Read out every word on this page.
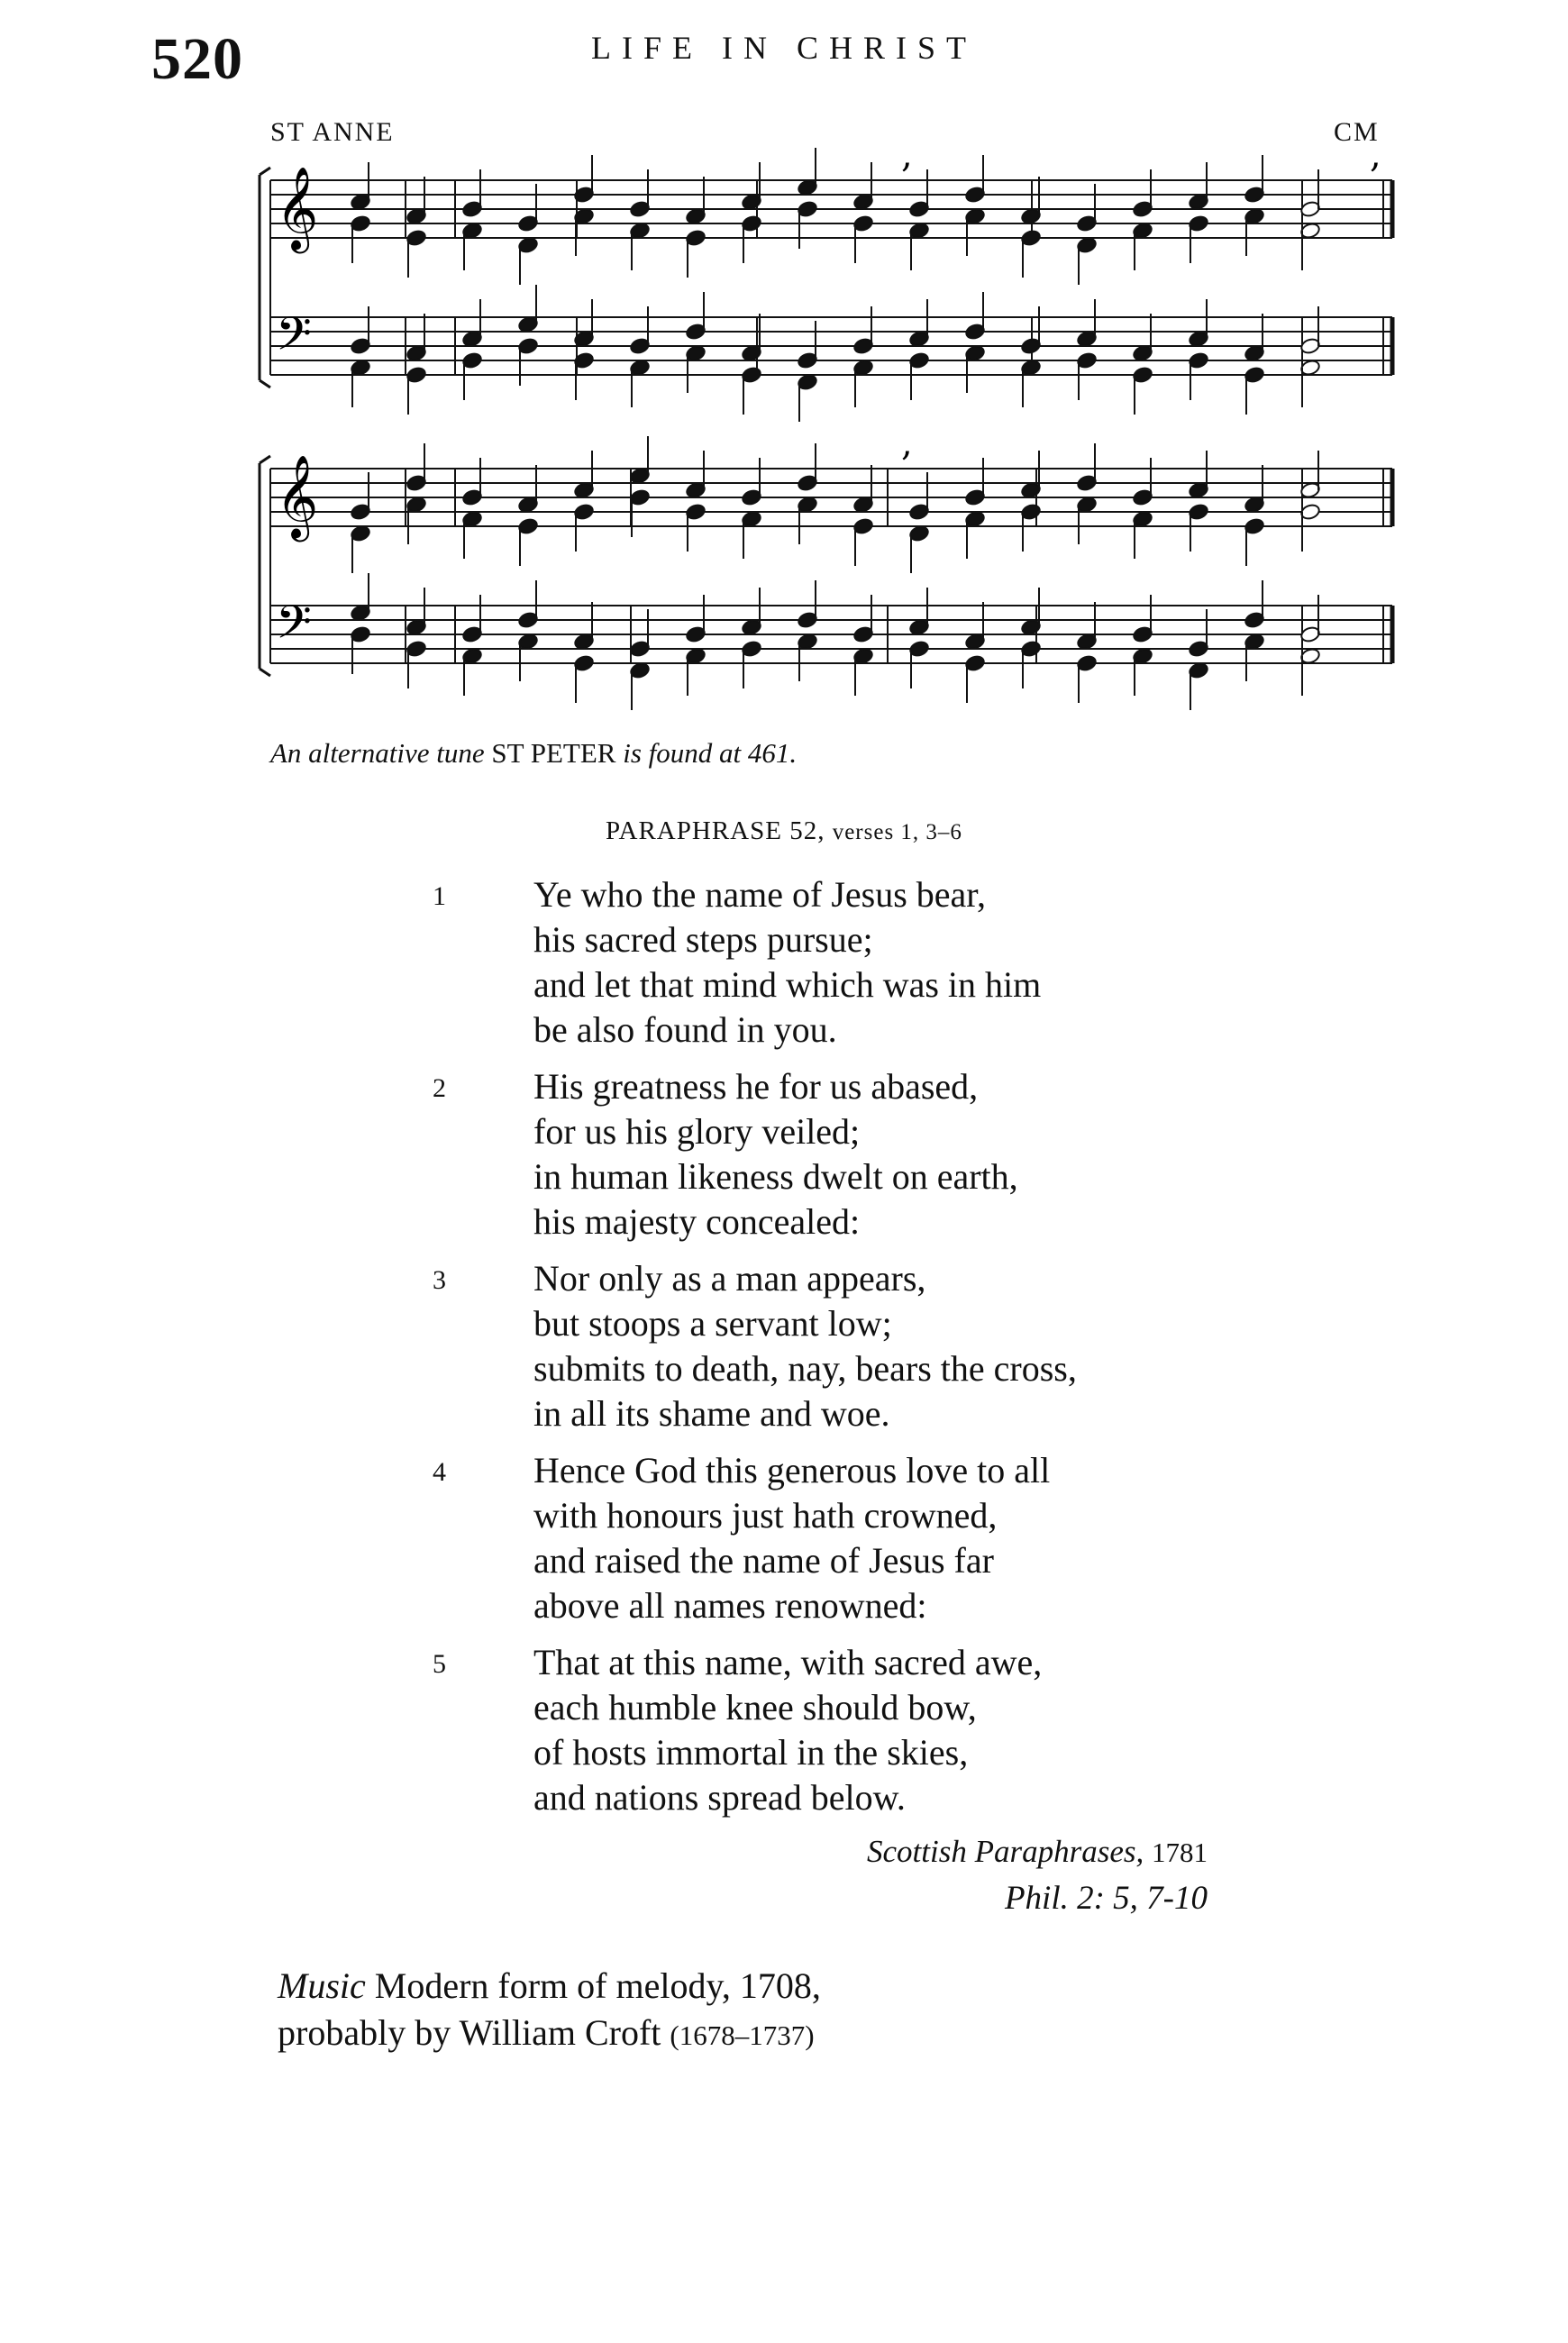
520	LIFE IN CHRIST
ST ANNE	CM
𝄞
𝄢
𝄞
𝄢
,	,
,
An alternative tune ST PETER is found at 461.
PARAPHRASE 52, verses 1, 3–6
1 Ye who the name of Jesus bear,
his sacred steps pursue;
and let that mind which was in him
be also found in you.
2 His greatness he for us abased,
for us his glory veiled;
in human likeness dwelt on earth,
his majesty concealed:
3 Nor only as a man appears,
but stoops a servant low;
submits to death, nay, bears the cross,
in all its shame and woe.
4 Hence God this generous love to all
with honours just hath crowned,
and raised the name of Jesus far
above all names renowned:
5 That at this name, with sacred awe,
each humble knee should bow,
of hosts immortal in the skies,
and nations spread below.
Scottish Paraphrases, 1781
Phil. 2: 5, 7-10
Music Modern form of melody, 1708,
probably by William Croft (1678–1737)
